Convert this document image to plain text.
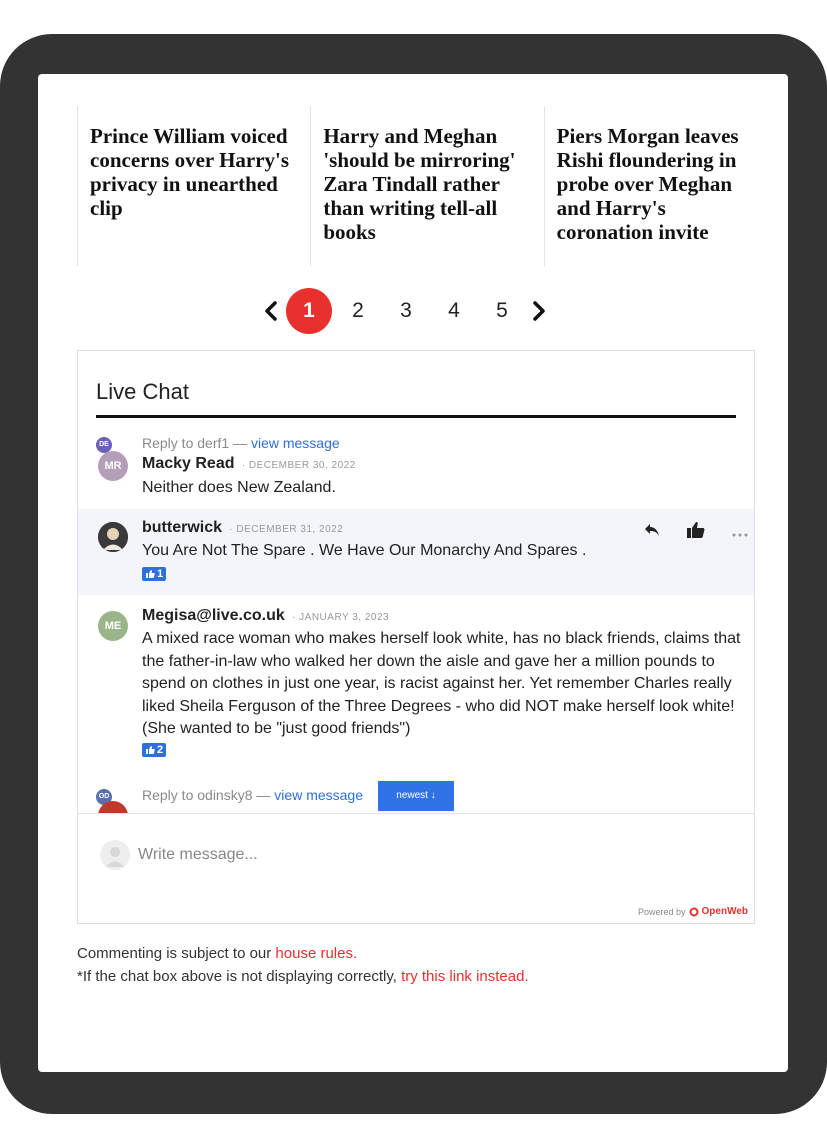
Prince William voiced concerns over Harry's privacy in unearthed clip
Harry and Meghan 'should be mirroring' Zara Tindall rather than writing tell-all books
Piers Morgan leaves Rishi floundering in probe over Meghan and Harry's coronation invite
1	2	3	4	5
Live Chat
DE
MR
Reply to derf1 — view message
Macky Read · DECEMBER 30, 2022
Neither does New Zealand.
butterwick · DECEMBER 31, 2022
You Are Not The Spare . We Have Our Monarchy And Spares .
1
ME
Megisa@live.co.uk · JANUARY 3, 2023
A mixed race woman who makes herself look white, has no black friends, claims that the father-in-law who walked her down the aisle and gave her a million pounds to spend on clothes in just one year, is racist against her. Yet remember Charles really liked Sheila Ferguson of the Three Degrees - who did NOT make herself look white! (She wanted to be "just good friends")
2
OD Reply to odinsky8 — view message	newest ↓
Write message...
Powered by OpenWeb
Commenting is subject to our house rules.
*If the chat box above is not displaying correctly, try this link instead.
